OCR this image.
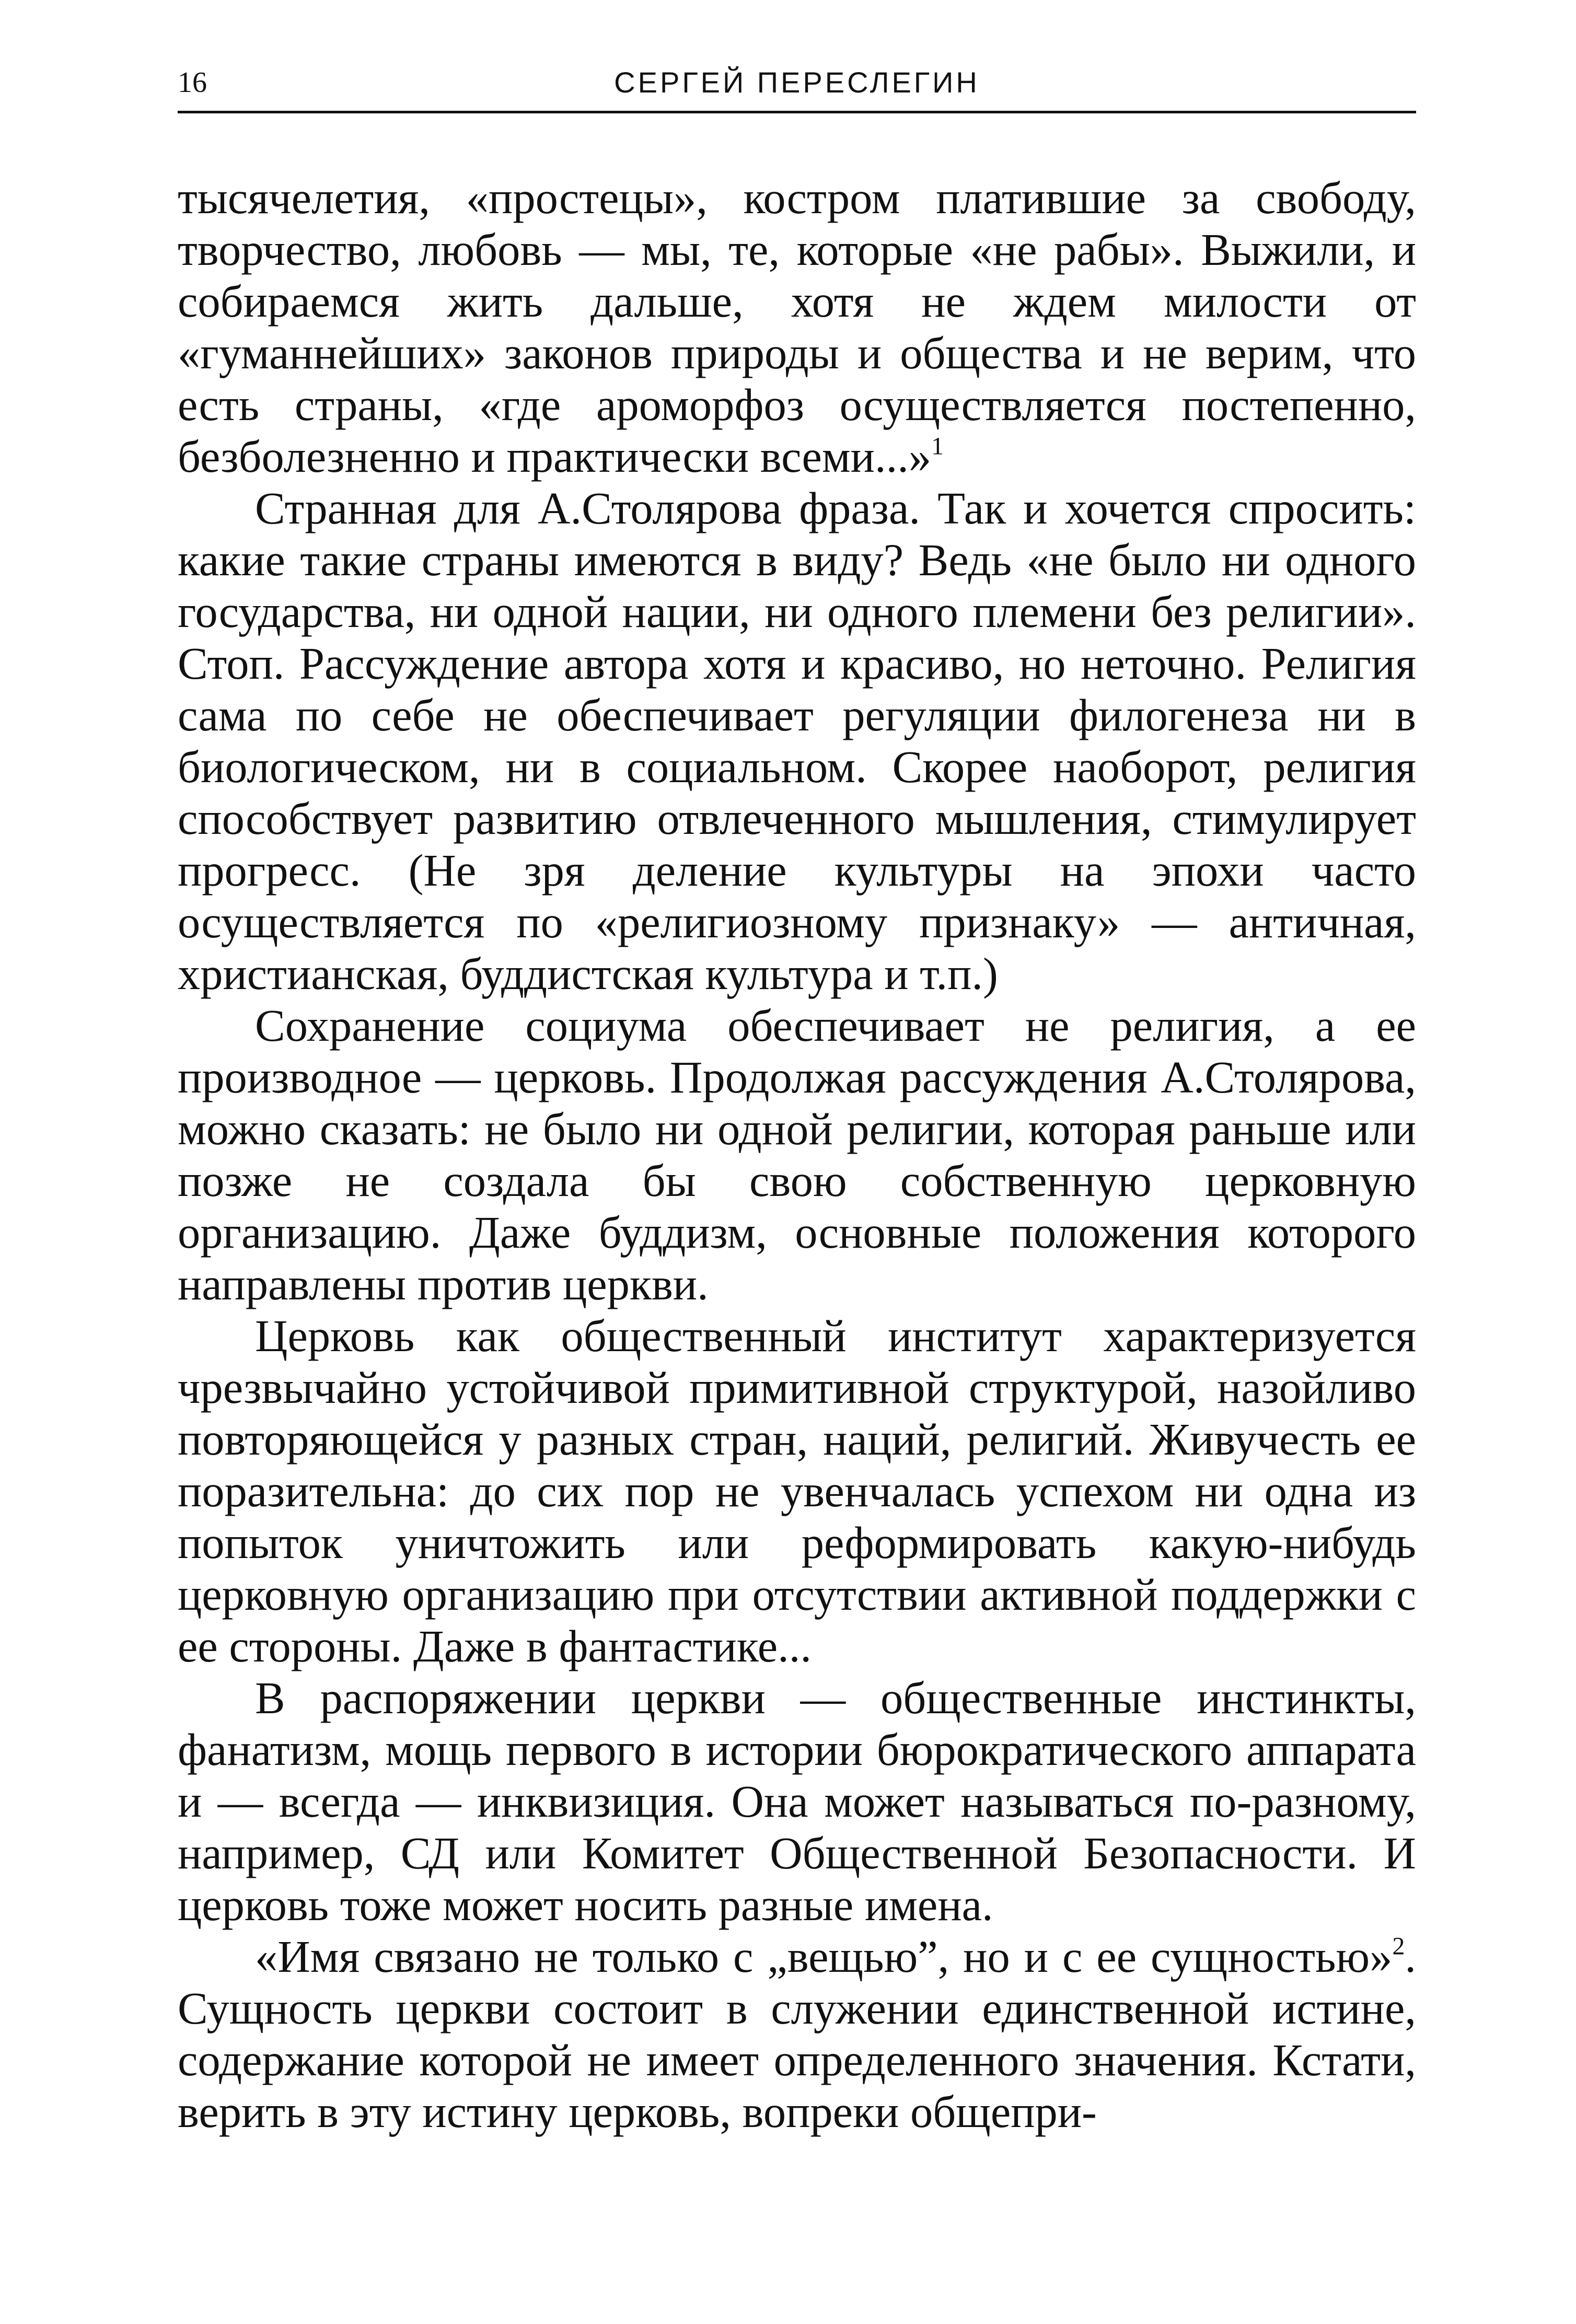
16	СЕРГЕЙ ПЕРЕСЛЕГИН

тысячелетия, «простецы», костром платившие за свободу, творчество, любовь — мы, те, которые «не рабы». Выжили, и собираемся жить дальше, хотя не ждем милости от «гуманнейших» законов природы и общества и не верим, что есть страны, «где ароморфоз осуществляется постепенно, безболезненно и практически всеми...»$^1$

Странная для А.Столярова фраза. Так и хочется спросить: какие такие страны имеются в виду? Ведь «не было ни одного государства, ни одной нации, ни одного племени без религии». Стоп. Рассуждение автора хотя и красиво, но неточно. Религия сама по себе не обеспечивает регуляции филогенеза ни в биологическом, ни в социальном. Скорее наоборот, религия способствует развитию отвлеченного мышления, стимулирует прогресс. (Не зря деление культуры на эпохи часто осуществляется по «религиозному признаку» — античная, христианская, буддистская культура и т.п.)

Сохранение социума обеспечивает не религия, а ее производное — церковь. Продолжая рассуждения А.Столярова, можно сказать: не было ни одной религии, которая раньше или позже не создала бы свою собственную церковную организацию. Даже буддизм, основные положения которого направлены против церкви.

Церковь как общественный институт характеризуется чрезвычайно устойчивой примитивной структурой, назойливо повторяющейся у разных стран, наций, религий. Живучесть ее поразительна: до сих пор не увенчалась успехом ни одна из попыток уничтожить или реформировать какую-нибудь церковную организацию при отсутствии активной поддержки с ее стороны. Даже в фантастике...

В распоряжении церкви — общественные инстинкты, фанатизм, мощь первого в истории бюрократического аппарата и — всегда — инквизиция. Она может называться по-разному, например, СД или Комитет Общественной Безопасности. И церковь тоже может носить разные имена.

«Имя связано не только с „вещью”, но и с ее сущностью»$^2$. Сущность церкви состоит в служении единственной истине, содержание которой не имеет определенного значения. Кстати, верить в эту истину церковь, вопреки общепри-
